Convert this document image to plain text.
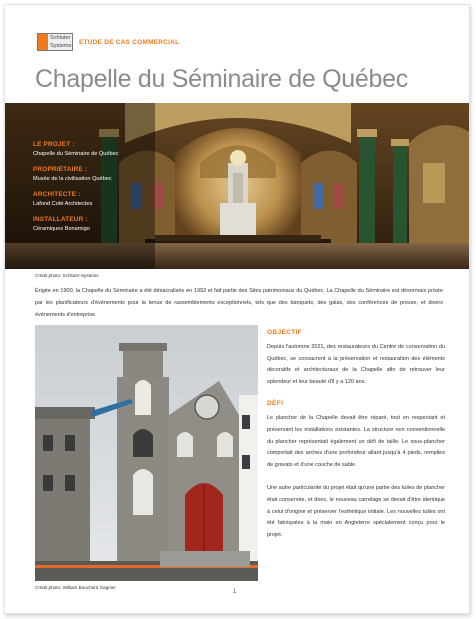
Schluter Systems ETUDE DE CAS COMMERCIAL
Chapelle du Séminaire de Québec
LE PROJET :
Chapelle du Séminaire de Québec
PROPRIÉTAIRE :
Musée de la civilisation Québec
ARCHITECTE :
Lafond Coté Architectes
INSTALLATEUR :
Céramiques Bonamigo
Crédit photo: Schluter-Systems

Érigée en 1900, la Chapelle du Séminaire a été désacralisée en 1992 et fait partie des Sites patrimoniaux du Québec. La Chapelle du Séminaire est désormais prisée par les planificateurs d'événements pour la tenue de rassemblements exceptionnels, tels que des banquets, des galas, des conférences de presse, et divers événements d'entreprise.

Crédit photo: William Bouchard Gagnier
OBJECTIF

Depuis l'automne 2021, des restaurateurs du Centre de conservation du Québec, se consacrent à la préservation et restauration des éléments décoratifs et architecturaux de la Chapelle afin de retrouver leur splendeur et leur beauté d'il y a 120 ans.

DÉFI

Le plancher de la Chapelle devait être réparé, tout en respectant et préservant les installations existantes. La structure non conventionnelle du plancher représentait également un défi de taille. Le sous-plancher comportait des arches d'une profondeur allant jusqu'à 4 pieds, remplies de gravats et d'une couche de sable.

Une autre particularité du projet était qu'une partie des tuiles de plancher était conservée, et donc, le nouveau carrelage se devait d'être identique à celui d'origine et préserver l'esthétique initiale. Les nouvelles tuiles ont été fabriquées à la main en Angleterre spécialement conçu pour le projet.

1
